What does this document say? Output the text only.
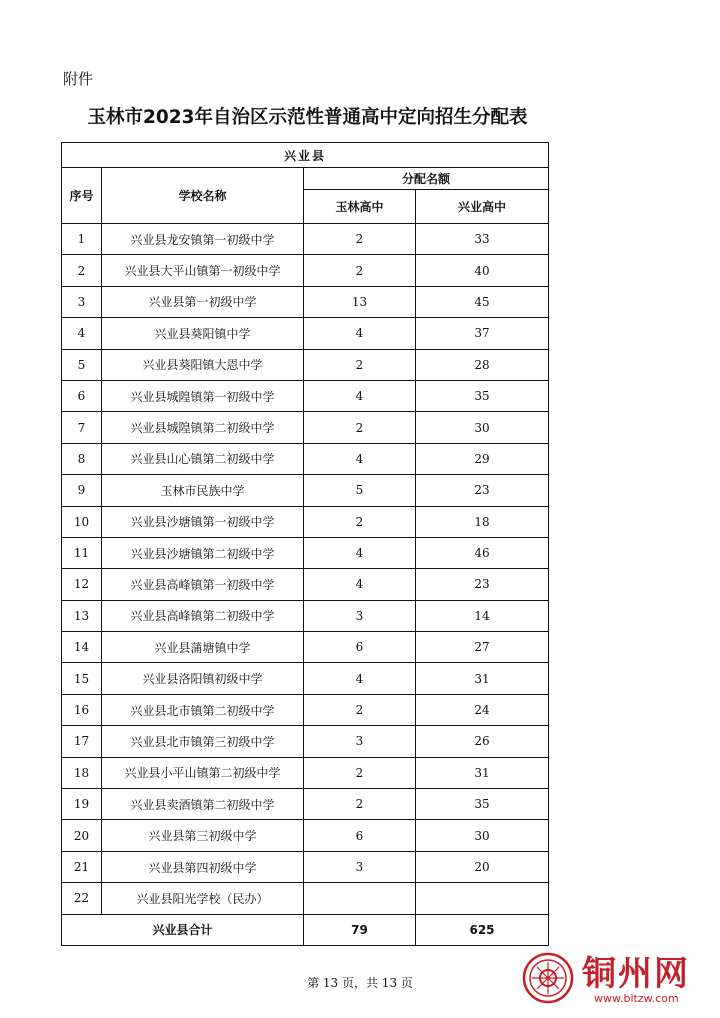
附件
玉林市2023年自治区示范性普通高中定向招生分配表
兴业县			
序号	学校名称	分配名额	
		玉林高中	兴业高中
1	兴业县龙安镇第一初级中学	2	33
2	兴业县大平山镇第一初级中学	2	40
3	兴业县第一初级中学	13	45
4	兴业县葵阳镇中学	4	37
5	兴业县葵阳镇大恩中学	2	28
6	兴业县城隍镇第一初级中学	4	35
7	兴业县城隍镇第二初级中学	2	30
8	兴业县山心镇第二初级中学	4	29
9	玉林市民族中学	5	23
10	兴业县沙塘镇第一初级中学	2	18
11	兴业县沙塘镇第二初级中学	4	46
12	兴业县高峰镇第一初级中学	4	23
13	兴业县高峰镇第二初级中学	3	14
14	兴业县蒲塘镇中学	6	27
15	兴业县洛阳镇初级中学	4	31
16	兴业县北市镇第二初级中学	2	24
17	兴业县北市镇第三初级中学	3	26
18	兴业县小平山镇第二初级中学	2	31
19	兴业县卖酒镇第二初级中学	2	35
20	兴业县第三初级中学	6	30
21	兴业县第四初级中学	3	20
22	兴业县阳光学校（民办）		
兴业县合计		79	625
第 13 页，共 13 页	铜州网
www.bltzw.com
